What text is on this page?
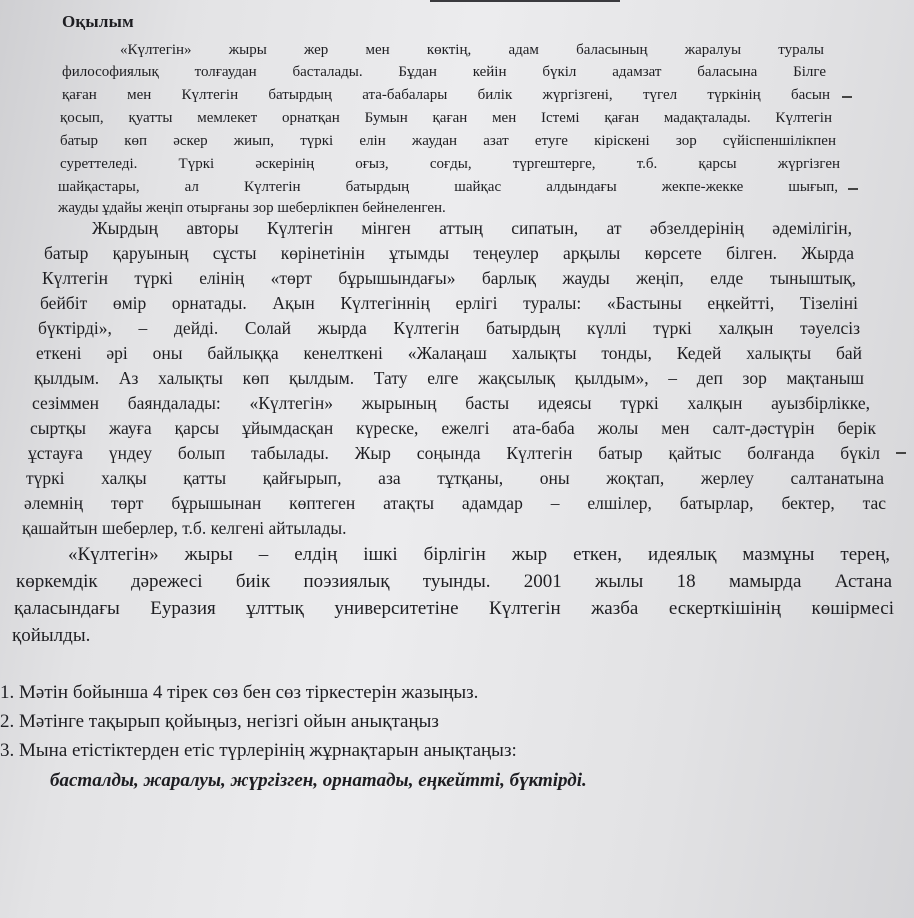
Оқылым
«Күлтегін» жыры жер мен көктің, адам баласының жаралуы туралы
философиялық толғаудан басталады. Бұдан кейін бүкіл адамзат баласына Білге
қаған мен Күлтегін батырдың ата-бабалары билік жүргізгені, түгел түркінің басын
қосып, қуатты мемлекет орнатқан Бумын қаған мен Істемі қаған мадақталады. Күлтегін
батыр көп әскер жиып, түркі елін жаудан азат етуге кіріскені зор сүйіспеншілікпен
суреттеледі. Түркі әскерінің оғыз, соғды, түргештерге, т.б. қарсы жүргізген
шайқастары, ал Күлтегін батырдың шайқас алдындағы жекпе-жекке шығып,
жауды ұдайы жеңіп отырғаны зор шеберлікпен бейнеленген.
Жырдың авторы Күлтегін мінген аттың сипатын, ат әбзелдерінің әдемілігін,
батыр қаруының сұсты көрінетінін ұтымды теңеулер арқылы көрсете білген. Жырда
Күлтегін түркі елінің «төрт бұрышындағы» барлық жауды жеңіп, елде тыныштық,
бейбіт өмір орнатады. Ақын Күлтегіннің ерлігі туралы: «Бастыны еңкейтті, Тізеліні
бүктірді», – дейді. Солай жырда Күлтегін батырдың күллі түркі халқын тәуелсіз
еткені әрі оны байлыққа кенелткені «Жалаңаш халықты тонды, Кедей халықты бай
қылдым. Аз халықты көп қылдым. Тату елге жақсылық қылдым», – деп зор мақтаныш
сезіммен баяндалады: «Күлтегін» жырының басты идеясы түркі халқын ауызбірлікке,
сыртқы жауға қарсы ұйымдасқан күреске, ежелгі ата-баба жолы мен салт-дәстүрін берік
ұстауға үндеу болып табылады. Жыр соңында Күлтегін батыр қайтыс болғанда бүкіл
түркі халқы қатты қайғырып, аза тұтқаны, оны жоқтап, жерлеу салтанатына
әлемнің төрт бұрышынан көптеген атақты адамдар – елшілер, батырлар, бектер, тас
қашайтын шеберлер, т.б. келгені айтылады.
«Күлтегін» жыры – елдің ішкі бірлігін жыр еткен, идеялық мазмұны терең,
көркемдік дәрежесі биік поэзиялық туынды. 2001 жылы 18 мамырда Астана
қаласындағы Еуразия ұлттық университетіне Күлтегін жазба ескерткішінің көшірмесі
қойылды.
1. Мәтін бойынша 4 тірек сөз бен сөз тіркестерін жазыңыз.
2. Мәтінге тақырып қойыңыз, негізгі ойын анықтаңыз
3. Мына етістіктерден етіс түрлерінің жұрнақтарын анықтаңыз:
басталды, жаралуы, жүргізген, орнатады, еңкейтті, бүктірді.
